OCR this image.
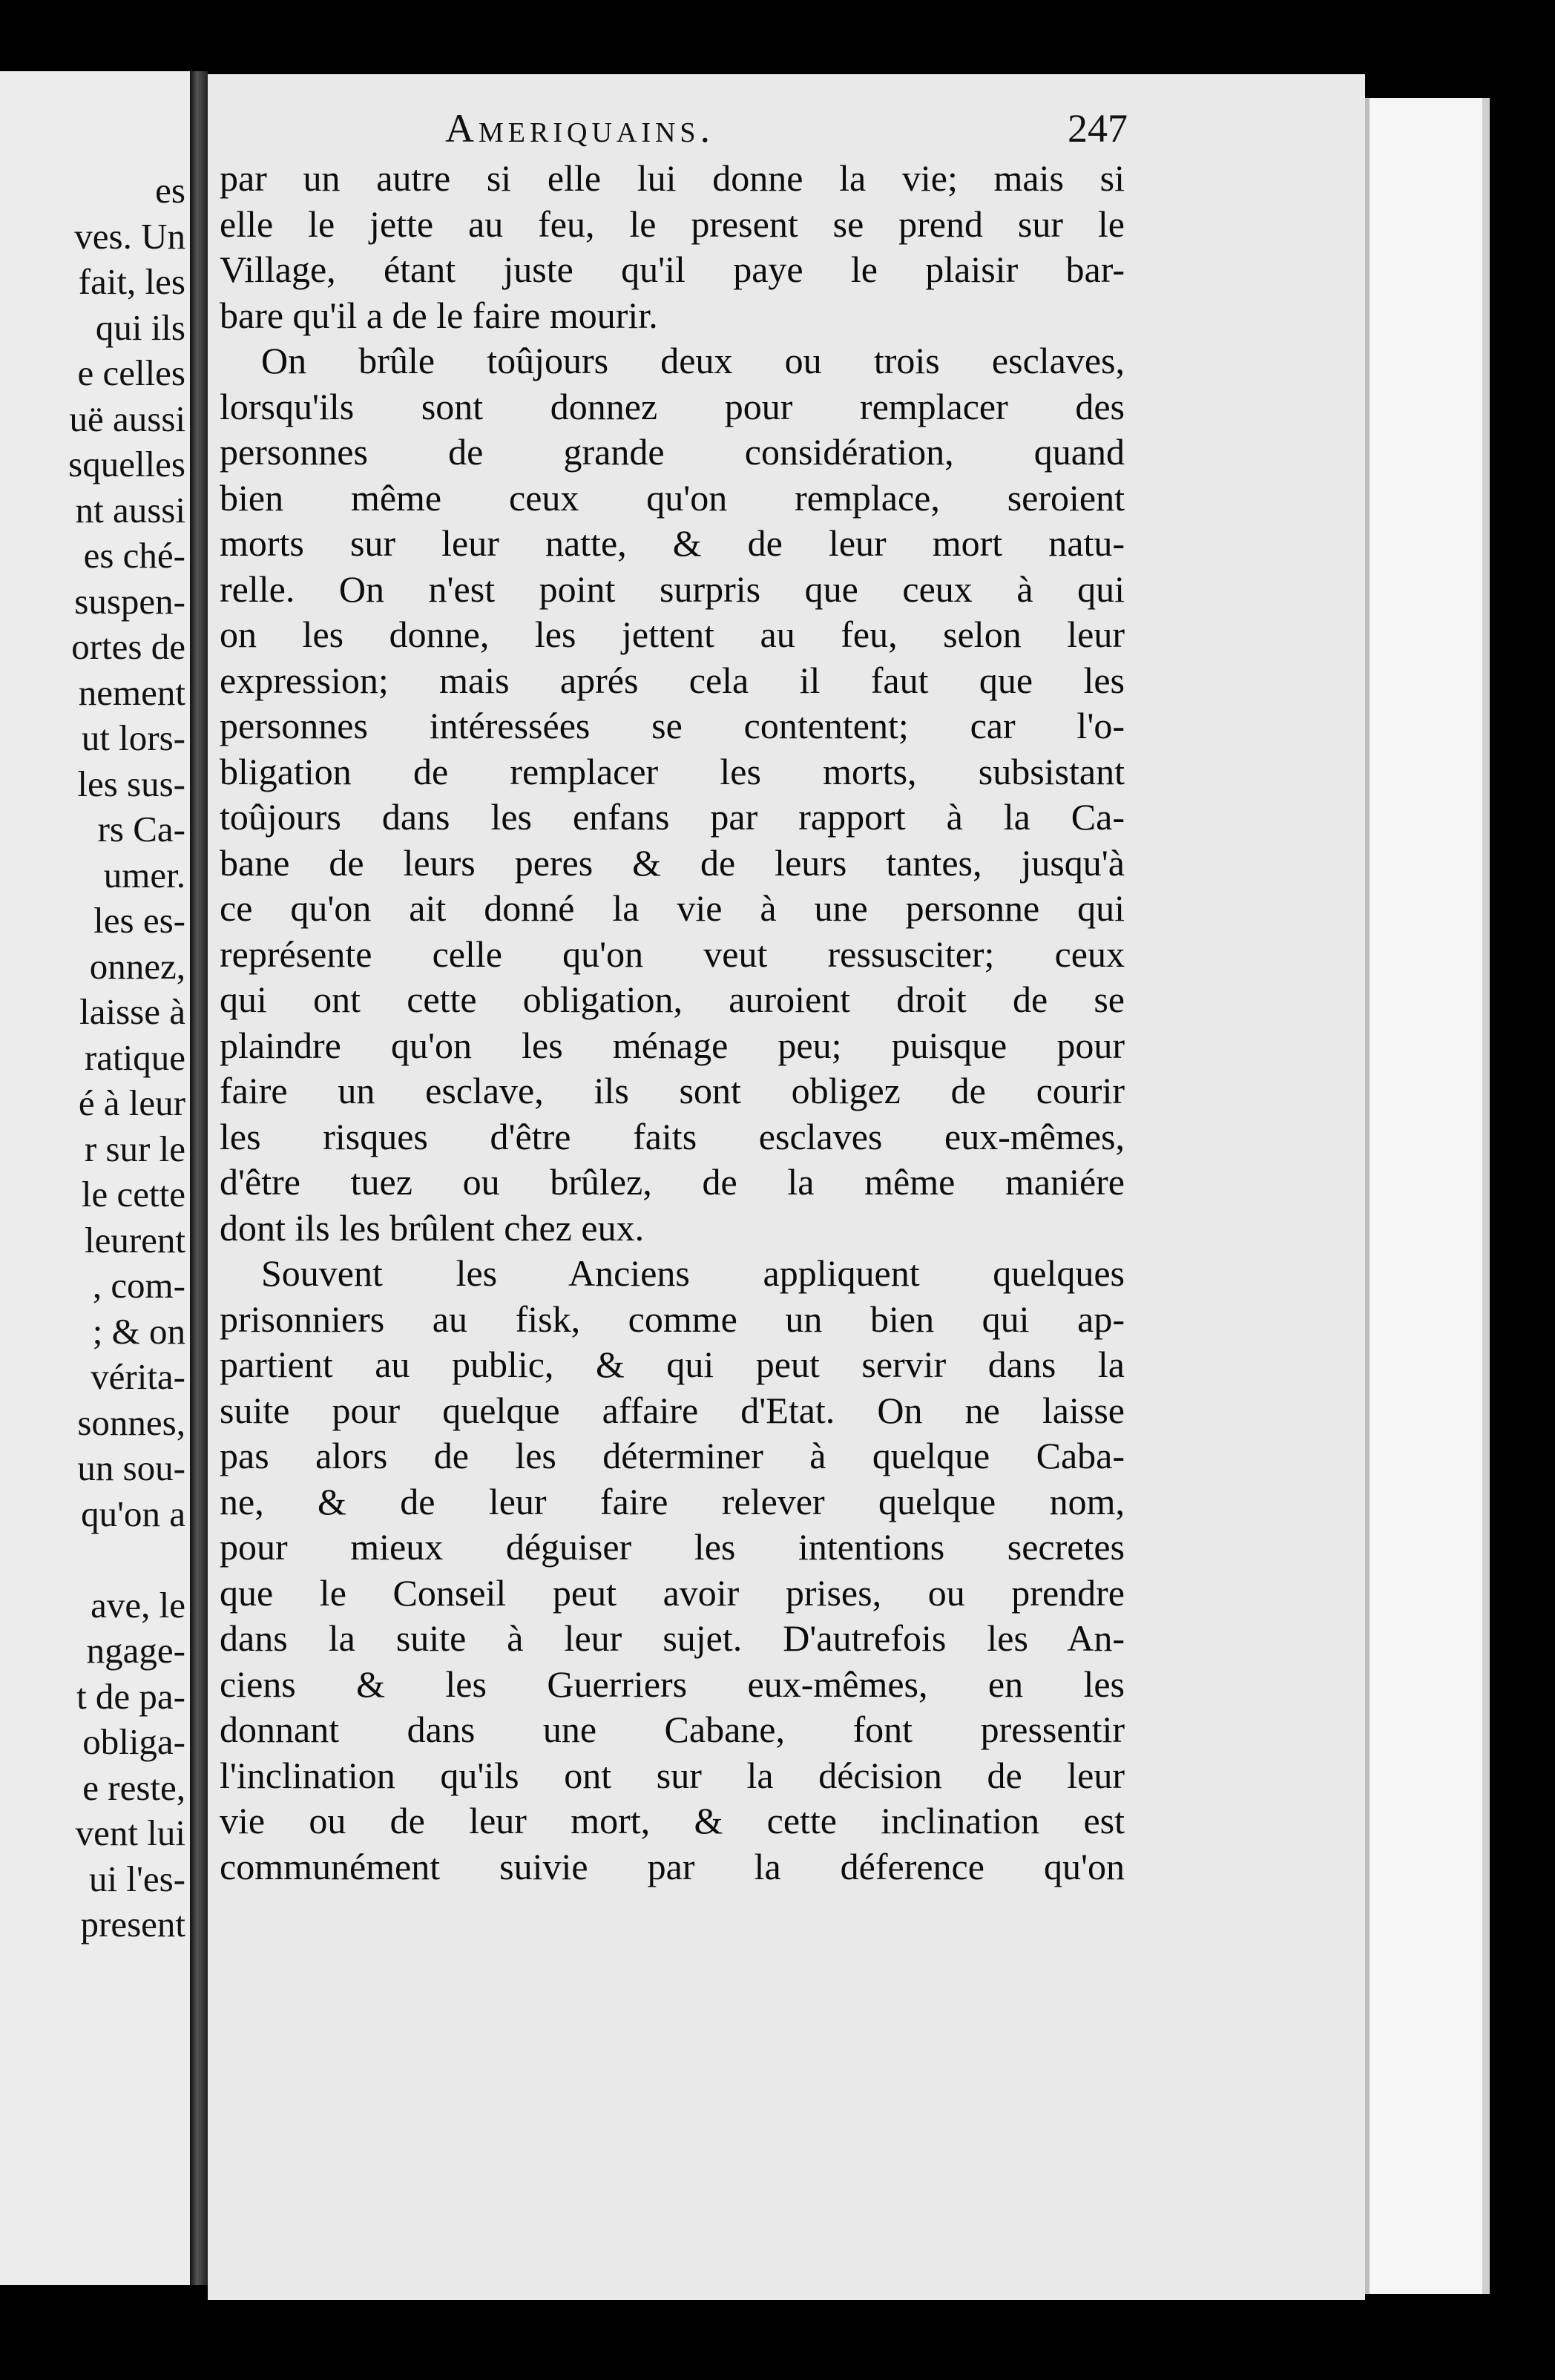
es
ves. Un
fait, les
qui ils
e celles
uë aussi
squelles
nt aussi
es ché-
suspen-
ortes de
nement
ut lors-
les sus-
rs Ca-
umer.
les es-
onnez,
laisse à
ratique
é à leur
r sur le
le cette
leurent
, com-
; & on
vérita-
sonnes,
un sou-
qu'on a
ave, le
ngage-
t de pa-
obliga-
e reste,
vent lui
ui l'es-
present
Ameriquains.	247
par un autre si elle lui donne la vie; mais si
elle le jette au feu, le present se prend sur le
Village, étant juste qu'il paye le plaisir bar-
bare qu'il a de le faire mourir.
On brûle toûjours deux ou trois esclaves,
lorsqu'ils sont donnez pour remplacer des
personnes de grande considération, quand
bien même ceux qu'on remplace, seroient
morts sur leur natte, & de leur mort natu-
relle. On n'est point surpris que ceux à qui
on les donne, les jettent au feu, selon leur
expression; mais aprés cela il faut que les
personnes intéressées se contentent; car l'o-
bligation de remplacer les morts, subsistant
toûjours dans les enfans par rapport à la Ca-
bane de leurs peres & de leurs tantes, jusqu'à
ce qu'on ait donné la vie à une personne qui
représente celle qu'on veut ressusciter; ceux
qui ont cette obligation, auroient droit de se
plaindre qu'on les ménage peu; puisque pour
faire un esclave, ils sont obligez de courir
les risques d'être faits esclaves eux-mêmes,
d'être tuez ou brûlez, de la même maniére
dont ils les brûlent chez eux.
Souvent les Anciens appliquent quelques
prisonniers au fisk, comme un bien qui ap-
partient au public, & qui peut servir dans la
suite pour quelque affaire d'Etat. On ne laisse
pas alors de les déterminer à quelque Caba-
ne, & de leur faire relever quelque nom,
pour mieux déguiser les intentions secretes
que le Conseil peut avoir prises, ou prendre
dans la suite à leur sujet. D'autrefois les An-
ciens & les Guerriers eux-mêmes, en les
donnant dans une Cabane, font pressentir
l'inclination qu'ils ont sur la décision de leur
vie ou de leur mort, & cette inclination est
communément suivie par la déference qu'on
